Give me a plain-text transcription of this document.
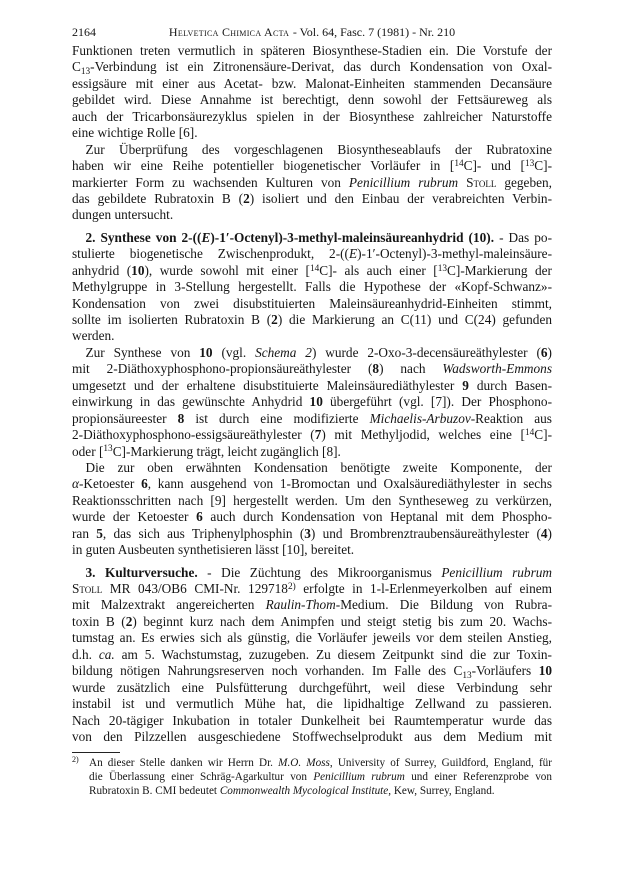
2164	Helvetica Chimica Acta - Vol. 64, Fasc. 7 (1981) - Nr. 210
Funktionen treten vermutlich in späteren Biosynthese-Stadien ein. Die Vorstufe der
C13-Verbindung ist ein Zitronensäure-Derivat, das durch Kondensation von Oxal-
essigsäure mit einer aus Acetat- bzw. Malonat-Einheiten stammenden Decansäure
gebildet wird. Diese Annahme ist berechtigt, denn sowohl der Fettsäureweg als
auch der Tricarbonsäurezyklus spielen in der Biosynthese zahlreicher Naturstoffe
eine wichtige Rolle [6].
Zur Überprüfung des vorgeschlagenen Biosyntheseablaufs der Rubratoxine
haben wir eine Reihe potentieller biogenetischer Vorläufer in [$^{14}$C]- und [$^{13}$C]-
markierter Form zu wachsenden Kulturen von Penicillium rubrum Stoll gegeben,
das gebildete Rubratoxin B (2) isoliert und den Einbau der verabreichten Verbin-
dungen untersucht.
2. Synthese von 2-((E)-1′-Octenyl)-3-methyl-maleinsäureanhydrid (10). - Das po-
stulierte biogenetische Zwischenprodukt, 2-((E)-1′-Octenyl)-3-methyl-maleinsäure-
anhydrid (10), wurde sowohl mit einer [$^{14}$C]- als auch einer [$^{13}$C]-Markierung der
Methylgruppe in 3-Stellung hergestellt. Falls die Hypothese der «Kopf-Schwanz»-
Kondensation von zwei disubstituierten Maleinsäureanhydrid-Einheiten stimmt,
sollte im isolierten Rubratoxin B (2) die Markierung an C(11) und C(24) gefunden
werden.
Zur Synthese von 10 (vgl. Schema 2) wurde 2-Oxo-3-decensäureäthylester (6)
mit 2-Diäthoxyphosphono-propionsäureäthylester (8) nach Wadsworth-Emmons
umgesetzt und der erhaltene disubstituierte Maleinsäurediäthylester 9 durch Basen-
einwirkung in das gewünschte Anhydrid 10 übergeführt (vgl. [7]). Der Phosphono-
propionsäureester 8 ist durch eine modifizierte Michaelis-Arbuzov-Reaktion aus
2-Diäthoxyphosphono-essigsäureäthylester (7) mit Methyljodid, welches eine [$^{14}$C]-
oder [$^{13}$C]-Markierung trägt, leicht zugänglich [8].
Die zur oben erwähnten Kondensation benötigte zweite Komponente, der
α-Ketoester 6, kann ausgehend von 1-Bromoctan und Oxalsäurediäthylester in sechs
Reaktionsschritten nach [9] hergestellt werden. Um den Syntheseweg zu verkürzen,
wurde der Ketoester 6 auch durch Kondensation von Heptanal mit dem Phospho-
ran 5, das sich aus Triphenylphosphin (3) und Brombrenztraubensäureäthylester (4)
in guten Ausbeuten synthetisieren lässt [10], bereitet.
3. Kulturversuche. - Die Züchtung des Mikroorganismus Penicillium rubrum
Stoll MR 043/OB6 CMI-Nr. 129718$^{2)}$ erfolgte in 1-l-Erlenmeyerkolben auf einem
mit Malzextrakt angereicherten Raulin-Thom-Medium. Die Bildung von Rubra-
toxin B (2) beginnt kurz nach dem Animpfen und steigt stetig bis zum 20. Wachs-
tumstag an. Es erwies sich als günstig, die Vorläufer jeweils vor dem steilen Anstieg,
d.h. ca. am 5. Wachstumstag, zuzugeben. Zu diesem Zeitpunkt sind die zur Toxin-
bildung nötigen Nahrungsreserven noch vorhanden. Im Falle des C13-Vorläufers 10
wurde zusätzlich eine Pulsfütterung durchgeführt, weil diese Verbindung sehr
instabil ist und vermutlich Mühe hat, die lipidhaltige Zellwand zu passieren.
Nach 20-tägiger Inkubation in totaler Dunkelheit bei Raumtemperatur wurde das
von den Pilzzellen ausgeschiedene Stoffwechselprodukt aus dem Medium mit
2) An dieser Stelle danken wir Herrn Dr. M.O. Moss, University of Surrey, Guildford, England, für
die Überlassung einer Schräg-Agarkultur von Penicillium rubrum und einer Referenzprobe von
Rubratoxin B. CMI bedeutet Commonwealth Mycological Institute, Kew, Surrey, England.
